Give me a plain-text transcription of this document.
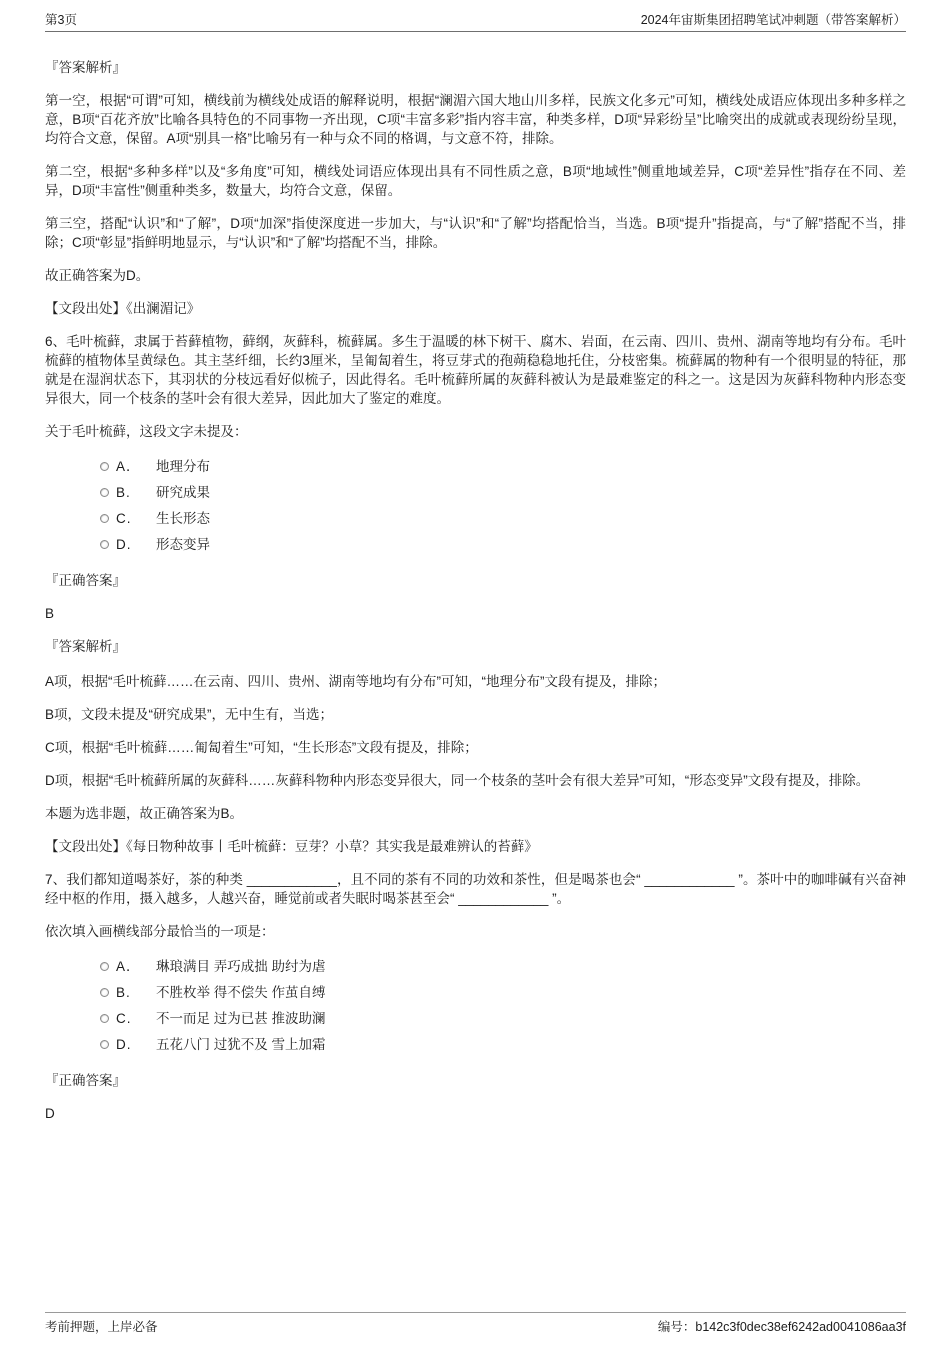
第3页	2024年宙斯集团招聘笔试冲刺题（带答案解析）

『答案解析』

第一空，根据“可谓”可知，横线前为横线处成语的解释说明，根据“澜湄六国大地山川多样，民族文化多元”可知，横线处成语应体现出多种多样之意，B项“百花齐放”比喻各具特色的不同事物一齐出现，C项“丰富多彩”指内容丰富，种类多样，D项“异彩纷呈”比喻突出的成就或表现纷纷呈现，均符合文意，保留。A项“别具一格”比喻另有一种与众不同的格调，与文意不符，排除。

第二空，根据“多种多样”以及“多角度”可知，横线处词语应体现出具有不同性质之意，B项“地域性”侧重地域差异，C项“差异性”指存在不同、差异，D项“丰富性”侧重种类多，数量大，均符合文意，保留。

第三空，搭配“认识”和“了解”，D项“加深”指使深度进一步加大，与“认识”和“了解”均搭配恰当，当选。B项“提升”指提高，与“了解”搭配不当，排除；C项“彰显”指鲜明地显示，与“认识”和“了解”均搭配不当，排除。

故正确答案为D。

【文段出处】《出澜湄记》

6、毛叶梳藓，隶属于苔藓植物，藓纲，灰藓科，梳藓属。多生于温暖的林下树干、腐木、岩面，在云南、四川、贵州、湖南等地均有分布。毛叶梳藓的植物体呈黄绿色。其主茎纤细，长约3厘米，呈匍匐着生，将豆芽式的孢蒴稳稳地托住，分枝密集。梳藓属的物种有一个很明显的特征，那就是在湿润状态下，其羽状的分枝远看好似梳子，因此得名。毛叶梳藓所属的灰藓科被认为是最难鉴定的科之一。这是因为灰藓科物种内形态变异很大，同一个枝条的茎叶会有很大差异，因此加大了鉴定的难度。

关于毛叶梳藓，这段文字未提及：

A．	地理分布
B.	研究成果
C.	生长形态
D.	形态变异

『正确答案』

B

『答案解析』

A项，根据“毛叶梳藓……在云南、四川、贵州、湖南等地均有分布”可知，“地理分布”文段有提及，排除；

B项，文段未提及“研究成果”，无中生有，当选；

C项，根据“毛叶梳藓……匍匐着生”可知，“生长形态”文段有提及，排除；

D项，根据“毛叶梳藓所属的灰藓科……灰藓科物种内形态变异很大，同一个枝条的茎叶会有很大差异”可知，“形态变异”文段有提及，排除。

本题为选非题，故正确答案为B。

【文段出处】《每日物种故事丨毛叶梳藓：豆芽？小草？其实我是最难辨认的苔藓》

7、我们都知道喝茶好，茶的种类 ____________，且不同的茶有不同的功效和茶性，但是喝茶也会“ ____________ ”。茶叶中的咖啡碱有兴奋神经中枢的作用，摄入越多，人越兴奋，睡觉前或者失眠时喝茶甚至会“ ____________ ”。

依次填入画横线部分最恰当的一项是：

A．	琳琅满目 弄巧成拙 助纣为虐
B.	不胜枚举 得不偿失 作茧自缚
C.	不一而足 过为已甚 推波助澜
D.	五花八门 过犹不及 雪上加霜

『正确答案』

D

考前押题，上岸必备	编号：b142c3f0dec38ef6242ad0041086aa3f
